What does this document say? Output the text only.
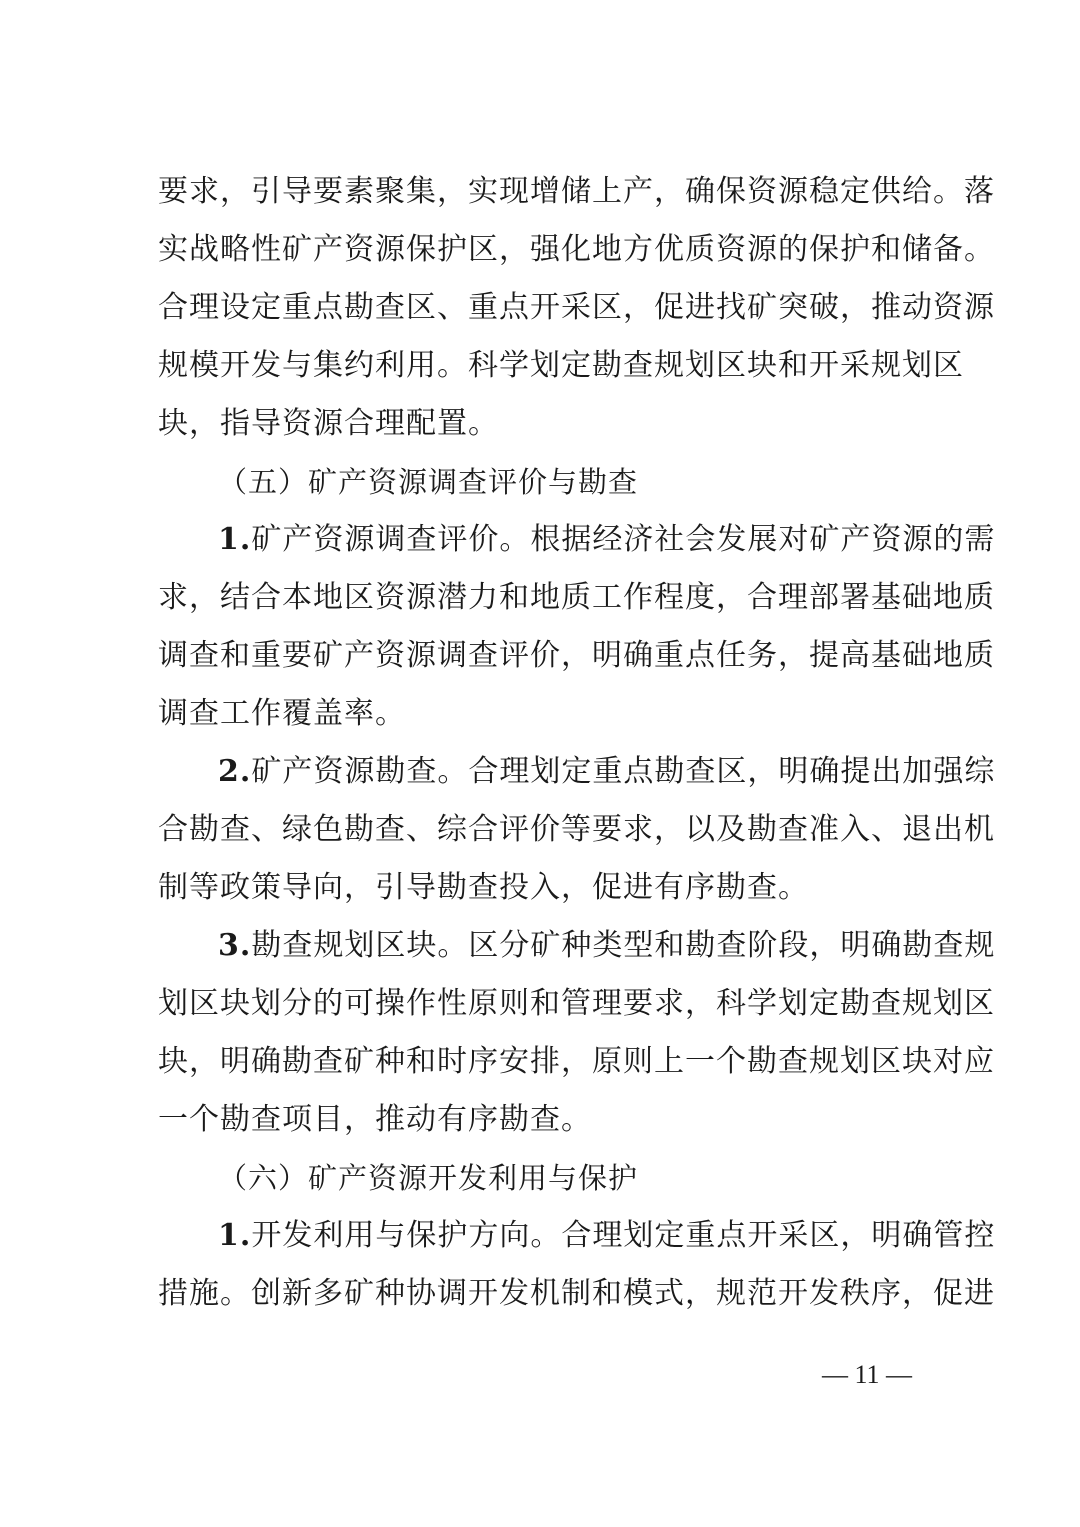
要求，引导要素聚集，实现增储上产，确保资源稳定供给。落
实战略性矿产资源保护区，强化地方优质资源的保护和储备。
合理设定重点勘查区、重点开采区，促进找矿突破，推动资源
规模开发与集约利用。科学划定勘查规划区块和开采规划区
块，指导资源合理配置。
（五）矿产资源调查评价与勘查
1.矿产资源调查评价。根据经济社会发展对矿产资源的需
求，结合本地区资源潜力和地质工作程度，合理部署基础地质
调查和重要矿产资源调查评价，明确重点任务，提高基础地质
调查工作覆盖率。
2.矿产资源勘查。合理划定重点勘查区，明确提出加强综
合勘查、绿色勘查、综合评价等要求，以及勘查准入、退出机
制等政策导向，引导勘查投入，促进有序勘查。
3.勘查规划区块。区分矿种类型和勘查阶段，明确勘查规
划区块划分的可操作性原则和管理要求，科学划定勘查规划区
块，明确勘查矿种和时序安排，原则上一个勘查规划区块对应
一个勘查项目，推动有序勘查。
（六）矿产资源开发利用与保护
1.开发利用与保护方向。合理划定重点开采区，明确管控
措施。创新多矿种协调开发机制和模式，规范开发秩序，促进
— 11 —
